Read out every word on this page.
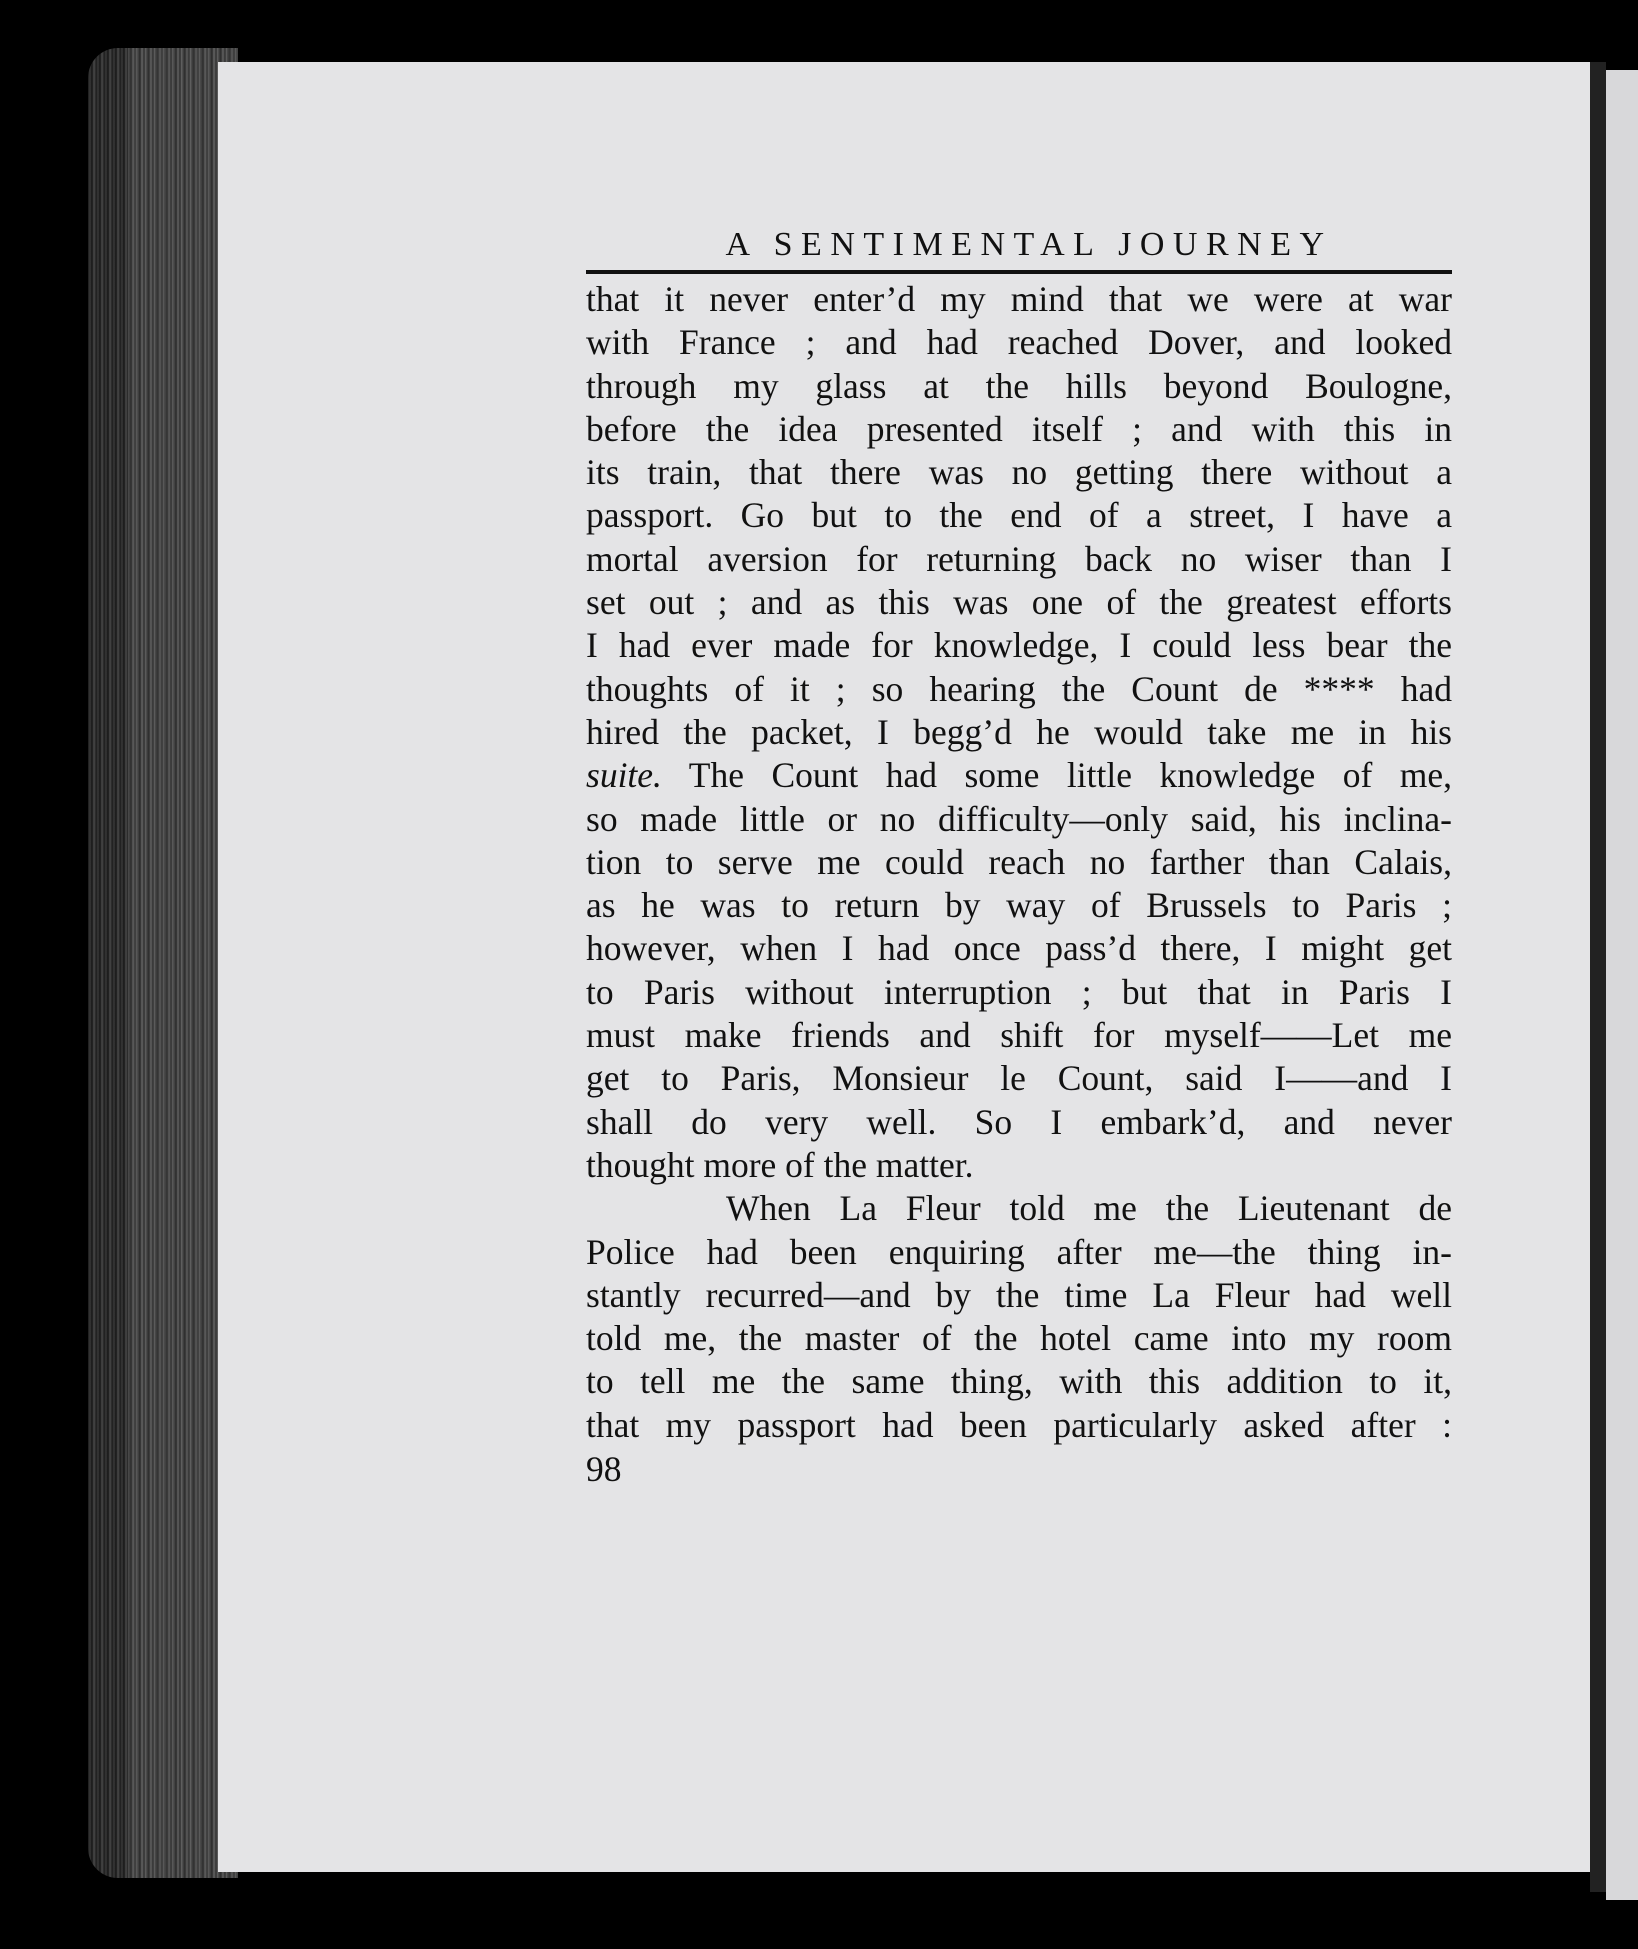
A SENTIMENTAL JOURNEY
that it never enter’d my mind that we were at war
with France ; and had reached Dover, and looked
through my glass at the hills beyond Boulogne,
before the idea presented itself ; and with this in
its train, that there was no getting there without a
passport. Go but to the end of a street, I have a
mortal aversion for returning back no wiser than I
set out ; and as this was one of the greatest efforts
I had ever made for knowledge, I could less bear the
thoughts of it ; so hearing the Count de **** had
hired the packet, I begg’d he would take me in his
suite. The Count had some little knowledge of me,
so made little or no difficulty—only said, his inclina-
tion to serve me could reach no farther than Calais,
as he was to return by way of Brussels to Paris ;
however, when I had once pass’d there, I might get
to Paris without interruption ; but that in Paris I
must make friends and shift for myself——Let me
get to Paris, Monsieur le Count, said I——and I
shall do very well. So I embark’d, and never
thought more of the matter.
When La Fleur told me the Lieutenant de
Police had been enquiring after me—the thing in-
stantly recurred—and by the time La Fleur had well
told me, the master of the hotel came into my room
to tell me the same thing, with this addition to it,
that my passport had been particularly asked after :
98
